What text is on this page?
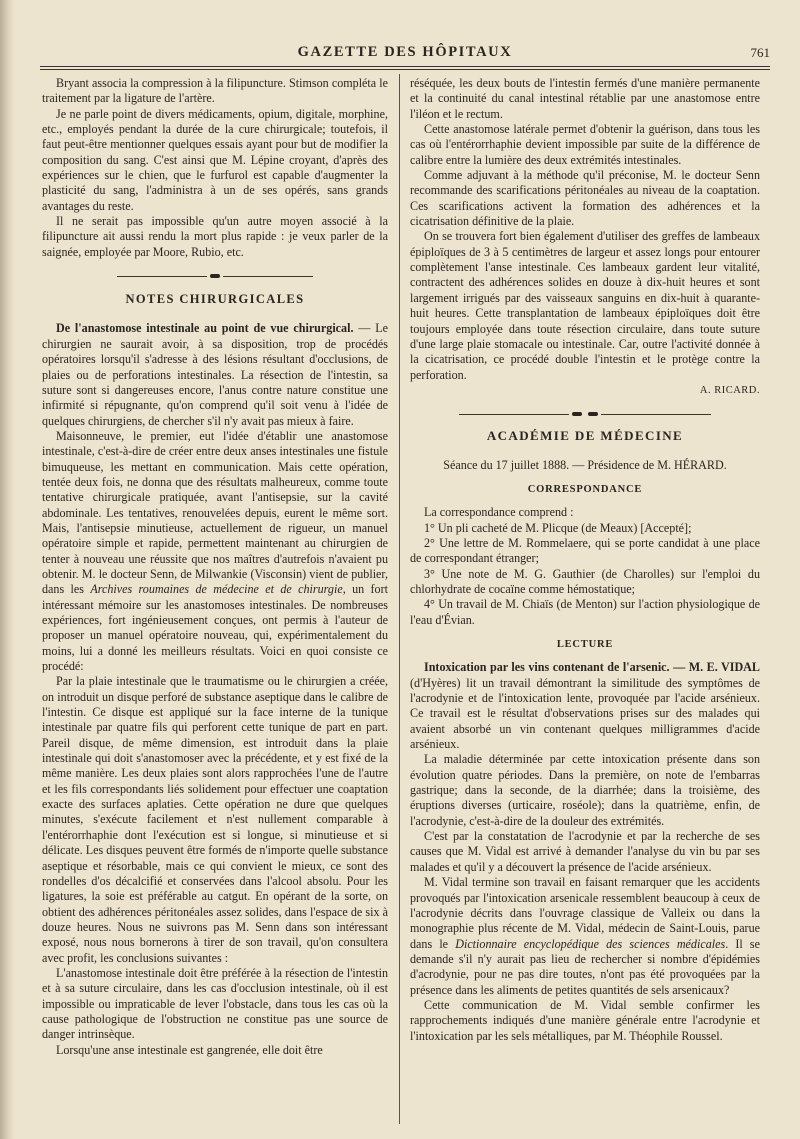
GAZETTE DES HÔPITAUX	761

Bryant associa la compression à la filipuncture. Stimson compléta le traitement par la ligature de l'artère.

Je ne parle point de divers médicaments, opium, digitale, morphine, etc., employés pendant la durée de la cure chirurgicale; toutefois, il faut peut-être mentionner quelques essais ayant pour but de modifier la composition du sang. C'est ainsi que M. Lépine croyant, d'après des expériences sur le chien, que le furfurol est capable d'augmenter la plasticité du sang, l'administra à un de ses opérés, sans grands avantages du reste.

Il ne serait pas impossible qu'un autre moyen associé à la filipuncture ait aussi rendu la mort plus rapide : je veux parler de la saignée, employée par Moore, Rubio, etc.

NOTES CHIRURGICALES

De l'anastomose intestinale au point de vue chirurgical. — Le chirurgien ne saurait avoir, à sa disposition, trop de procédés opératoires lorsqu'il s'adresse à des lésions résultant d'occlusions, de plaies ou de perforations intestinales. La résection de l'intestin, sa suture sont si dangereuses encore, l'anus contre nature constitue une infirmité si répugnante, qu'on comprend qu'il soit venu à l'idée de quelques chirurgiens, de chercher s'il n'y avait pas mieux à faire.

Maisonneuve, le premier, eut l'idée d'établir une anastomose intestinale, c'est-à-dire de créer entre deux anses intestinales une fistule bimuqueuse, les mettant en communication. Mais cette opération, tentée deux fois, ne donna que des résultats malheureux, comme toute tentative chirurgicale pratiquée, avant l'antisepsie, sur la cavité abdominale. Les tentatives, renouvelées depuis, eurent le même sort. Mais, l'antisepsie minutieuse, actuellement de rigueur, un manuel opératoire simple et rapide, permettent maintenant au chirurgien de tenter à nouveau une réussite que nos maîtres d'autrefois n'avaient pu obtenir. M. le docteur Senn, de Milwankie (Visconsin) vient de publier, dans les Archives roumaines de médecine et de chirurgie, un fort intéressant mémoire sur les anastomoses intestinales. De nombreuses expériences, fort ingénieusement conçues, ont permis à l'auteur de proposer un manuel opératoire nouveau, qui, expérimentalement du moins, lui a donné les meilleurs résultats. Voici en quoi consiste ce procédé:

Par la plaie intestinale que le traumatisme ou le chirurgien a créée, on introduit un disque perforé de substance aseptique dans le calibre de l'intestin. Ce disque est appliqué sur la face interne de la tunique intestinale par quatre fils qui perforent cette tunique de part en part. Pareil disque, de même dimension, est introduit dans la plaie intestinale qui doit s'anastomoser avec la précédente, et y est fixé de la même manière. Les deux plaies sont alors rapprochées l'une de l'autre et les fils correspondants liés solidement pour effectuer une coaptation exacte des surfaces aplaties. Cette opération ne dure que quelques minutes, s'exécute facilement et n'est nullement comparable à l'entérorrhaphie dont l'exécution est si longue, si minutieuse et si délicate. Les disques peuvent être formés de n'importe quelle substance aseptique et résorbable, mais ce qui convient le mieux, ce sont des rondelles d'os décalcifié et conservées dans l'alcool absolu. Pour les ligatures, la soie est préférable au catgut. En opérant de la sorte, on obtient des adhérences péritonéales assez solides, dans l'espace de six à douze heures. Nous ne suivrons pas M. Senn dans son intéressant exposé, nous nous bornerons à tirer de son travail, qu'on consultera avec profit, les conclusions suivantes :

L'anastomose intestinale doit être préférée à la résection de l'intestin et à sa suture circulaire, dans les cas d'occlusion intestinale, où il est impossible ou impraticable de lever l'obstacle, dans tous les cas où la cause pathologique de l'obstruction ne constitue pas une source de danger intrinsèque.

Lorsqu'une anse intestinale est gangrenée, elle doit être

réséquée, les deux bouts de l'intestin fermés d'une manière permanente et la continuité du canal intestinal rétablie par une anastomose entre l'iléon et le rectum.

Cette anastomose latérale permet d'obtenir la guérison, dans tous les cas où l'entérorrhaphie devient impossible par suite de la différence de calibre entre la lumière des deux extrémités intestinales.

Comme adjuvant à la méthode qu'il préconise, M. le docteur Senn recommande des scarifications péritonéales au niveau de la coaptation. Ces scarifications activent la formation des adhérences et la cicatrisation définitive de la plaie.

On se trouvera fort bien également d'utiliser des greffes de lambeaux épiploïques de 3 à 5 centimètres de largeur et assez longs pour entourer complètement l'anse intestinale. Ces lambeaux gardent leur vitalité, contractent des adhérences solides en douze à dix-huit heures et sont largement irrigués par des vaisseaux sanguins en dix-huit à quarante-huit heures. Cette transplantation de lambeaux épiploïques doit être toujours employée dans toute résection circulaire, dans toute suture d'une large plaie stomacale ou intestinale. Car, outre l'activité donnée à la cicatrisation, ce procédé double l'intestin et le protège contre la perforation.

A. RICARD.
ACADÉMIE DE MÉDECINE

Séance du 17 juillet 1888. — Présidence de M. HÉRARD.

CORRESPONDANCE

La correspondance comprend :

1° Un pli cacheté de M. Plicque (de Meaux) [Accepté];

2° Une lettre de M. Rommelaere, qui se porte candidat à une place de correspondant étranger;

3° Une note de M. G. Gauthier (de Charolles) sur l'emploi du chlorhydrate de cocaïne comme hémostatique;

4° Un travail de M. Chiaïs (de Menton) sur l'action physiologique de l'eau d'Évian.

LECTURE

Intoxication par les vins contenant de l'arsenic. — M. E. VIDAL (d'Hyères) lit un travail démontrant la similitude des symptômes de l'acrodynie et de l'intoxication lente, provoquée par l'acide arsénieux. Ce travail est le résultat d'observations prises sur des malades qui avaient absorbé un vin contenant quelques milligrammes d'acide arsénieux.

La maladie déterminée par cette intoxication présente dans son évolution quatre périodes. Dans la première, on note de l'embarras gastrique; dans la seconde, de la diarrhée; dans la troisième, des éruptions diverses (urticaire, roséole); dans la quatrième, enfin, de l'acrodynie, c'est-à-dire de la douleur des extrémités.

C'est par la constatation de l'acrodynie et par la recherche de ses causes que M. Vidal est arrivé à demander l'analyse du vin bu par ses malades et qu'il y a découvert la présence de l'acide arsénieux.

M. Vidal termine son travail en faisant remarquer que les accidents provoqués par l'intoxication arsenicale ressemblent beaucoup à ceux de l'acrodynie décrits dans l'ouvrage classique de Valleix ou dans la monographie plus récente de M. Vidal, médecin de Saint-Louis, parue dans le Dictionnaire encyclopédique des sciences médicales. Il se demande s'il n'y aurait pas lieu de rechercher si nombre d'épidémies d'acrodynie, pour ne pas dire toutes, n'ont pas été provoquées par la présence dans les aliments de petites quantités de sels arsenicaux?

Cette communication de M. Vidal semble confirmer les rapprochements indiqués d'une manière générale entre l'acrodynie et l'intoxication par les sels métalliques, par M. Théophile Roussel.
